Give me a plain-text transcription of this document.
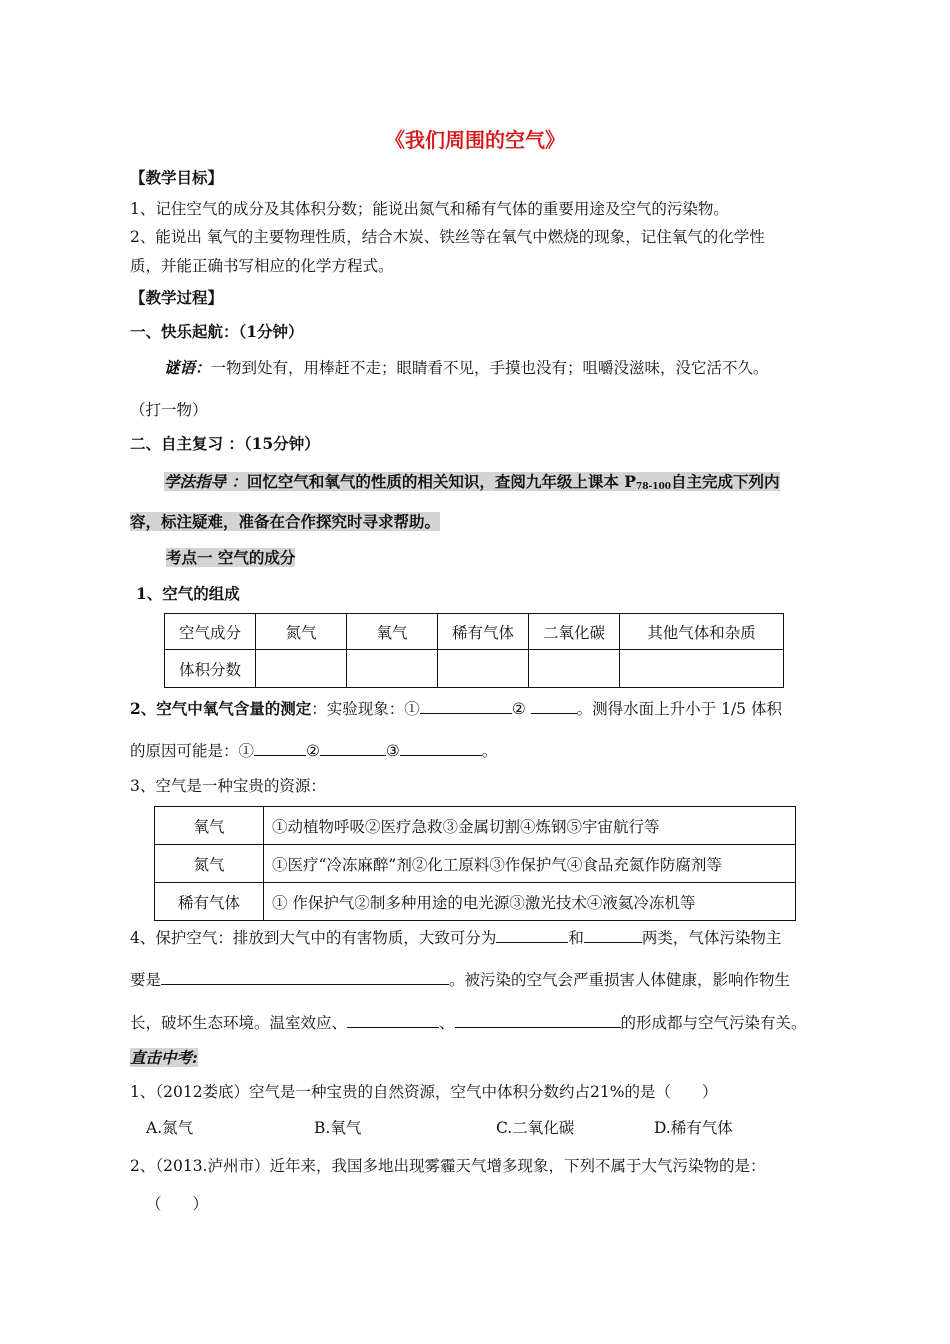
《我们周围的空气》
【教学目标】
1、记住空气的成分及其体积分数；能说出氮气和稀有气体的重要用途及空气的污染物。
2、能说出 氧气的主要物理性质，结合木炭、铁丝等在氧气中燃烧的现象，记住氧气的化学性
质，并能正确书写相应的化学方程式。
【教学过程】
一、快乐起航：（1分钟）
谜语：一物到处有，用棒赶不走；眼睛看不见，手摸也没有；咀嚼没滋味，没它活不久。
（打一物）
二、自主复习 ：（15分钟）
学法指导 ：回忆空气和氧气的性质的相关知识，查阅九年级上课本 $P_{78-100}$自主完成下列内
容，标注疑难，准备在合作探究时寻求帮助。
考点一 空气的成分
1、空气的组成
空气成分	氮气	氧气	稀有气体	二氧化碳	其他气体和杂质
体积分数					
2、空气中氧气含量的测定：实验现象：①	②	。测得水面上升小于 1/5 体积
的原因可能是：①	②	③	。
3、空气是一种宝贵的资源：
氧气	①动植物呼吸②医疗急救③金属切割④炼钢⑤宇宙航行等
氮气	①医疗“冷冻麻醉”剂②化工原料③作保护气④食品充氮作防腐剂等
稀有气体	① 作保护气②制多种用途的电光源③激光技术④液氦冷冻机等
4、保护空气：排放到大气中的有害物质，大致可分为	和	两类，气体污染物主
要是	。被污染的空气会严重损害人体健康，影响作物生
长，破坏生态环境。温室效应、	、	的形成都与空气污染有关。
直击中考:
1、（2012娄底）空气是一种宝贵的自然资源，空气中体积分数约占21%的是（　　）
A.氮气	B.氧气	C.二氧化碳	D.稀有气体
2、（2013.泸州市）近年来，我国多地出现雾霾天气增多现象，下列不属于大气污染物的是：
（　　）
